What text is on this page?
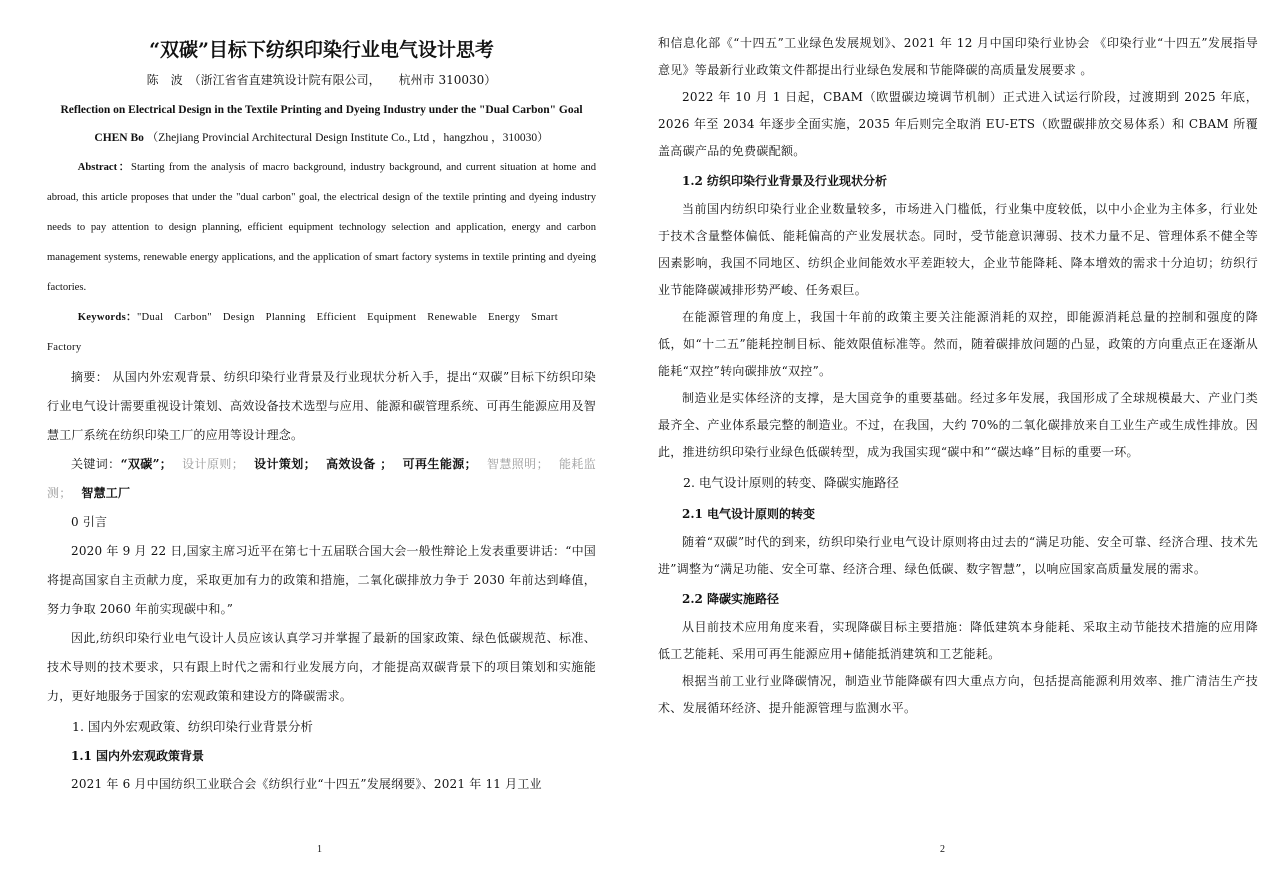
“双碳”目标下纺织印染行业电气设计思考
陈　波　（浙江省省直建筑设计院有限公司，　　杭州市 310030）
Reflection on Electrical Design in the Textile Printing and Dyeing Industry under the "Dual Carbon" Goal
CHEN Bo （Zhejiang Provincial Architectural Design Institute Co., Ltd ，hangzhou ，310030）

Abstract：Starting from the analysis of macro background, industry background, and current situation at home and abroad, this article proposes that under the "dual carbon" goal, the electrical design of the textile printing and dyeing industry needs to pay attention to design planning, efficient equipment technology selection and application, energy and carbon management systems, renewable energy applications, and the application of smart factory systems in textile printing and dyeing factories.

Keywords："Dual Carbon" Design Planning Efficient Equipment Renewable Energy Smart Factory

摘要： 从国内外宏观背景、纺织印染行业背景及行业现状分析入手，提出“双碳”目标下纺织印染行业电气设计需要重视设计策划、高效设备技术选型与应用、能源和碳管理系统、可再生能源应用及智慧工厂系统在纺织印染工厂的应用等设计理念。

关键词：“双碳”； 设计原则； 设计策划； 高效设备 ； 可再生能源； 智慧照明； 能耗监测； 智慧工厂

0 引言

2020 年 9 月 22 日,国家主席习近平在第七十五届联合国大会一般性辩论上发表重要讲话：“中国将提高国家自主贡献力度，采取更加有力的政策和措施，二氧化碳排放力争于 2030 年前达到峰值，努力争取 2060 年前实现碳中和。”

因此,纺织印染行业电气设计人员应该认真学习并掌握了最新的国家政策、绿色低碳规范、标准、技术导则的技术要求，只有跟上时代之需和行业发展方向，才能提高双碳背景下的项目策划和实施能力，更好地服务于国家的宏观政策和建设方的降碳需求。

1. 国内外宏观政策、纺织印染行业背景分析
1.1 国内外宏观政策背景

2021 年 6 月中国纺织工业联合会《纺织行业“十四五”发展纲要》、2021 年 11 月工业

1

和信息化部《“十四五”工业绿色发展规划》、2021 年 12 月中国印染行业协会 《印染行业“十四五”发展指导意见》等最新行业政策文件都提出行业绿色发展和节能降碳的高质量发展要求 。

2022 年 10 月 1 日起，CBAM（欧盟碳边境调节机制）正式进入试运行阶段，过渡期到 2025 年底，2026 年至 2034 年逐步全面实施，2035 年后则完全取消 EU-ETS（欧盟碳排放交易体系）和 CBAM 所覆盖高碳产品的免费碳配额。

1.2 纺织印染行业背景及行业现状分析

当前国内纺织印染行业企业数量较多，市场进入门槛低，行业集中度较低，以中小企业为主体多，行业处于技术含量整体偏低、能耗偏高的产业发展状态。同时，受节能意识薄弱、技术力量不足、管理体系不健全等因素影响，我国不同地区、纺织企业间能效水平差距较大，企业节能降耗、降本增效的需求十分迫切；纺织行业节能降碳减排形势严峻、任务艰巨。

在能源管理的角度上，我国十年前的政策主要关注能源消耗的双控，即能源消耗总量的控制和强度的降低，如“十二五”能耗控制目标、能效限值标准等。然而，随着碳排放问题的凸显，政策的方向重点正在逐渐从能耗“双控”转向碳排放“双控”。

制造业是实体经济的支撑，是大国竞争的重要基础。经过多年发展，我国形成了全球规模最大、产业门类最齐全、产业体系最完整的制造业。不过，在我国，大约 70%的二氧化碳排放来自工业生产或生成性排放。因此，推进纺织印染行业绿色低碳转型，成为我国实现“碳中和”“碳达峰”目标的重要一环。

2. 电气设计原则的转变、降碳实施路径
2.1 电气设计原则的转变

随着“双碳”时代的到来，纺织印染行业电气设计原则将由过去的“满足功能、安全可靠、经济合理、技术先进”调整为“满足功能、安全可靠、经济合理、绿色低碳、数字智慧”，以响应国家高质量发展的需求。

2.2 降碳实施路径

从目前技术应用角度来看，实现降碳目标主要措施：降低建筑本身能耗、采取主动节能技术措施的应用降低工艺能耗、采用可再生能源应用+储能抵消建筑和工艺能耗。

根据当前工业行业降碳情况，制造业节能降碳有四大重点方向，包括提高能源利用效率、推广清洁生产技术、发展循环经济、提升能源管理与监测水平。

2
